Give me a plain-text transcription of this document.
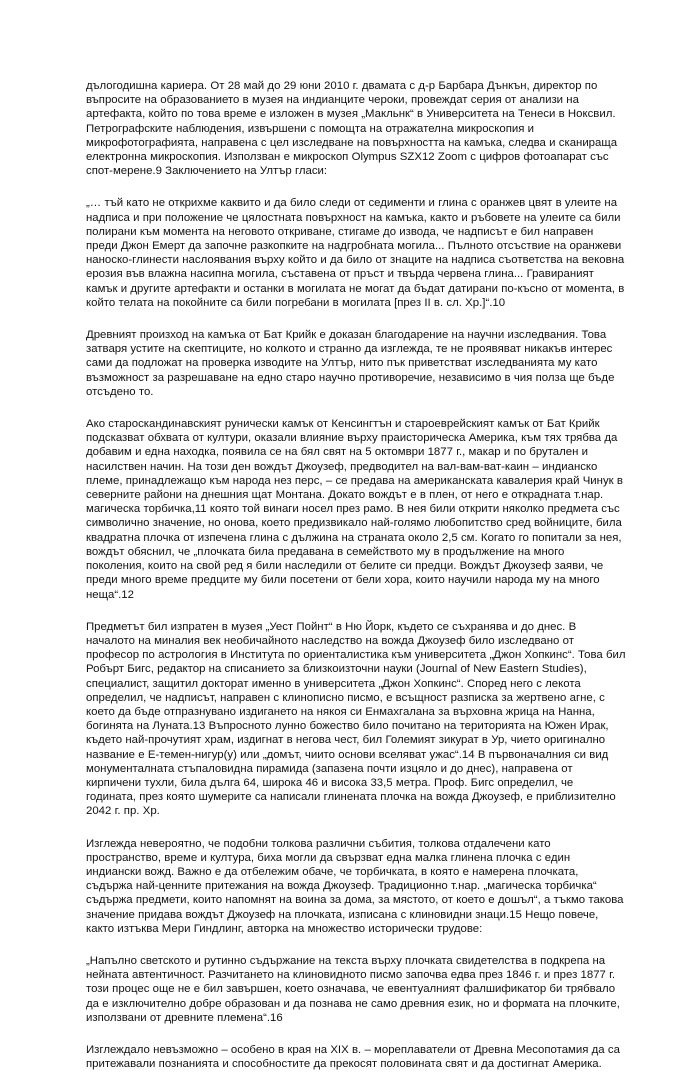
дълогодишна кариера. От 28 май до 29 юни 2010 г. двамата с д-р Барбара Дънкън, директор по въпросите на образованието в музея на индианците чероки, провеждат серия от анализи на артефакта, който по това време е изложен в музея „Макльнк“ в Университета на Тенеси в Ноксвил. Петрографските наблюдения, извършени с помощта на отражателна микроскопия и микрофотографията, направена с цел изследване на повърхността на камъка, следва и сканираща електронна микроскопия. Използван е микроскоп Olympus SZX12 Zoom с цифров фотоапарат със спот-мерене.9 Заключението на Ултър гласи:

„… тъй като не открихме каквито и да било следи от седименти и глина с оранжев цвят в улеите на надписа и при положение че цялостната повърхност на камъка, както и ръбовете на улеите са били полирани към момента на неговото откриване, стигаме до извода, че надписът е бил направен преди Джон Емерт да започне разкопките на надгробната могила... Пълното отсъствие на оранжеви наноско-глинести наслоявания върху който и да било от знаците на надписа съответства на вековна ерозия във влажна насипна могила, съставена от пръст и твърда червена глина... Гравираният камък и другите артефакти и останки в могилата не могат да бъдат датирани по-късно от момента, в който телата на покойните са били погребани в могилата [през II в. сл. Хр.]“.10

Древният произход на камъка от Бат Крийк е доказан благодарение на научни изследвания. Това затваря устите на скептиците, но колкото и странно да изглежда, те не проявяват никакъв интерес сами да подложат на проверка изводите на Ултър, нито пък приветстват изследванията му като възможност за разрешаване на едно старо научно противоречие, независимо в чия полза ще бъде отсъдено то.

Ако староскандинавският рунически камък от Кенсингтън и староеврейският камък от Бат Крийк подсказват обхвата от култури, оказали влияние върху праисторическа Америка, към тях трябва да добавим и една находка, появила се на бял свят на 5 октомври 1877 г., макар и по брутален и насилствен начин. На този ден вождът Джоузеф, предводител на вал-вам-ват-каин – индианско племе, принадлежащо към народа нез перс, – се предава на американската кавалерия край Чинук в северните райони на днешния щат Монтана. Докато вождът е в плен, от него е открадната т.нар. магическа торбичка,11 която той винаги носел през рамо. В нея били открити няколко предмета със символично значение, но онова, което предизвикало най-голямо любопитство сред войниците, била квадратна плочка от изпечена глина с дължина на страната около 2,5 см. Когато го попитали за нея, вождът обяснил, че „плочката била предавана в семейството му в продължение на много поколения, които на свой ред я били наследили от белите си предци. Вождът Джоузеф заяви, че преди много време предците му били посетени от бели хора, които научили народа му на много неща“.12

Предметът бил изпратен в музея „Уест Пойнт“ в Ню Йорк, където се съхранява и до днес. В началото на миналия век необичайното наследство на вожда Джоузеф било изследвано от професор по астрология в Института по ориенталистика към университета „Джон Хопкинс“. Това бил Робърт Бигс, редактор на списанието за близкоизточни науки (Journal of New Eastern Studies), специалист, защитил докторат именно в университета „Джон Хопкинс“. Според него с лекота определил, че надписът, направен с клинописно писмо, е всъщност разписка за жертвено агне, с което да бъде отпразнувано издигането на някоя си Енмахгалана за върховна жрица на Нанна, богинята на Луната.13 Въпросното лунно божество било почитано на територията на Южен Ирак, където най-прочутият храм, издигнат в негова чест, бил Големият зикурат в Ур, чието оригинално название е Е-темен-нигур(у) или „домът, чиито основи вселяват ужас“.14 В първоначалния си вид монументалната стъпаловидна пирамида (запазена почти изцяло и до днес), направена от кирпичени тухли, била дълга 64, широка 46 и висока 33,5 метра. Проф. Бигс определил, че годината, през която шумерите са написали глинената плочка на вожда Джоузеф, е приблизително 2042 г. пр. Хр.

Изглежда невероятно, че подобни толкова различни събития, толкова отдалечени като пространство, време и култура, биха могли да свързват една малка глинена плочка с един индиански вожд. Важно е да отбележим обаче, че торбичката, в която е намерена плочката, съдържа най-ценните притежания на вожда Джоузеф. Традиционно т.нар. „магическа торбичка“ съдържа предмети, които напомнят на воина за дома, за мястото, от което е дошъл“, а тъкмо такова значение придава вождът Джоузеф на плочката, изписана с клиновидни знаци.15 Нещо повече, както изтъква Мери Гиндлинг, авторка на множество исторически трудове:

„Напълно светското и рутинно съдържание на текста върху плочката свидетелства в подкрепа на нейната автентичност. Разчитането на клиновидното писмо започва едва през 1846 г. и през 1877 г. този процес още не е бил завършен, което означава, че евентуалният фалшификатор би трябвало да е изключително добре образован и да познава не само древния език, но и формата на плочките, използвани от древните племена“.16

Изглеждало невъзможно – особено в края на XIX в. – мореплаватели от Древна Месопотамия да са притежавали познанията и способностите да прекосят половината свят и да достигнат Америка.
